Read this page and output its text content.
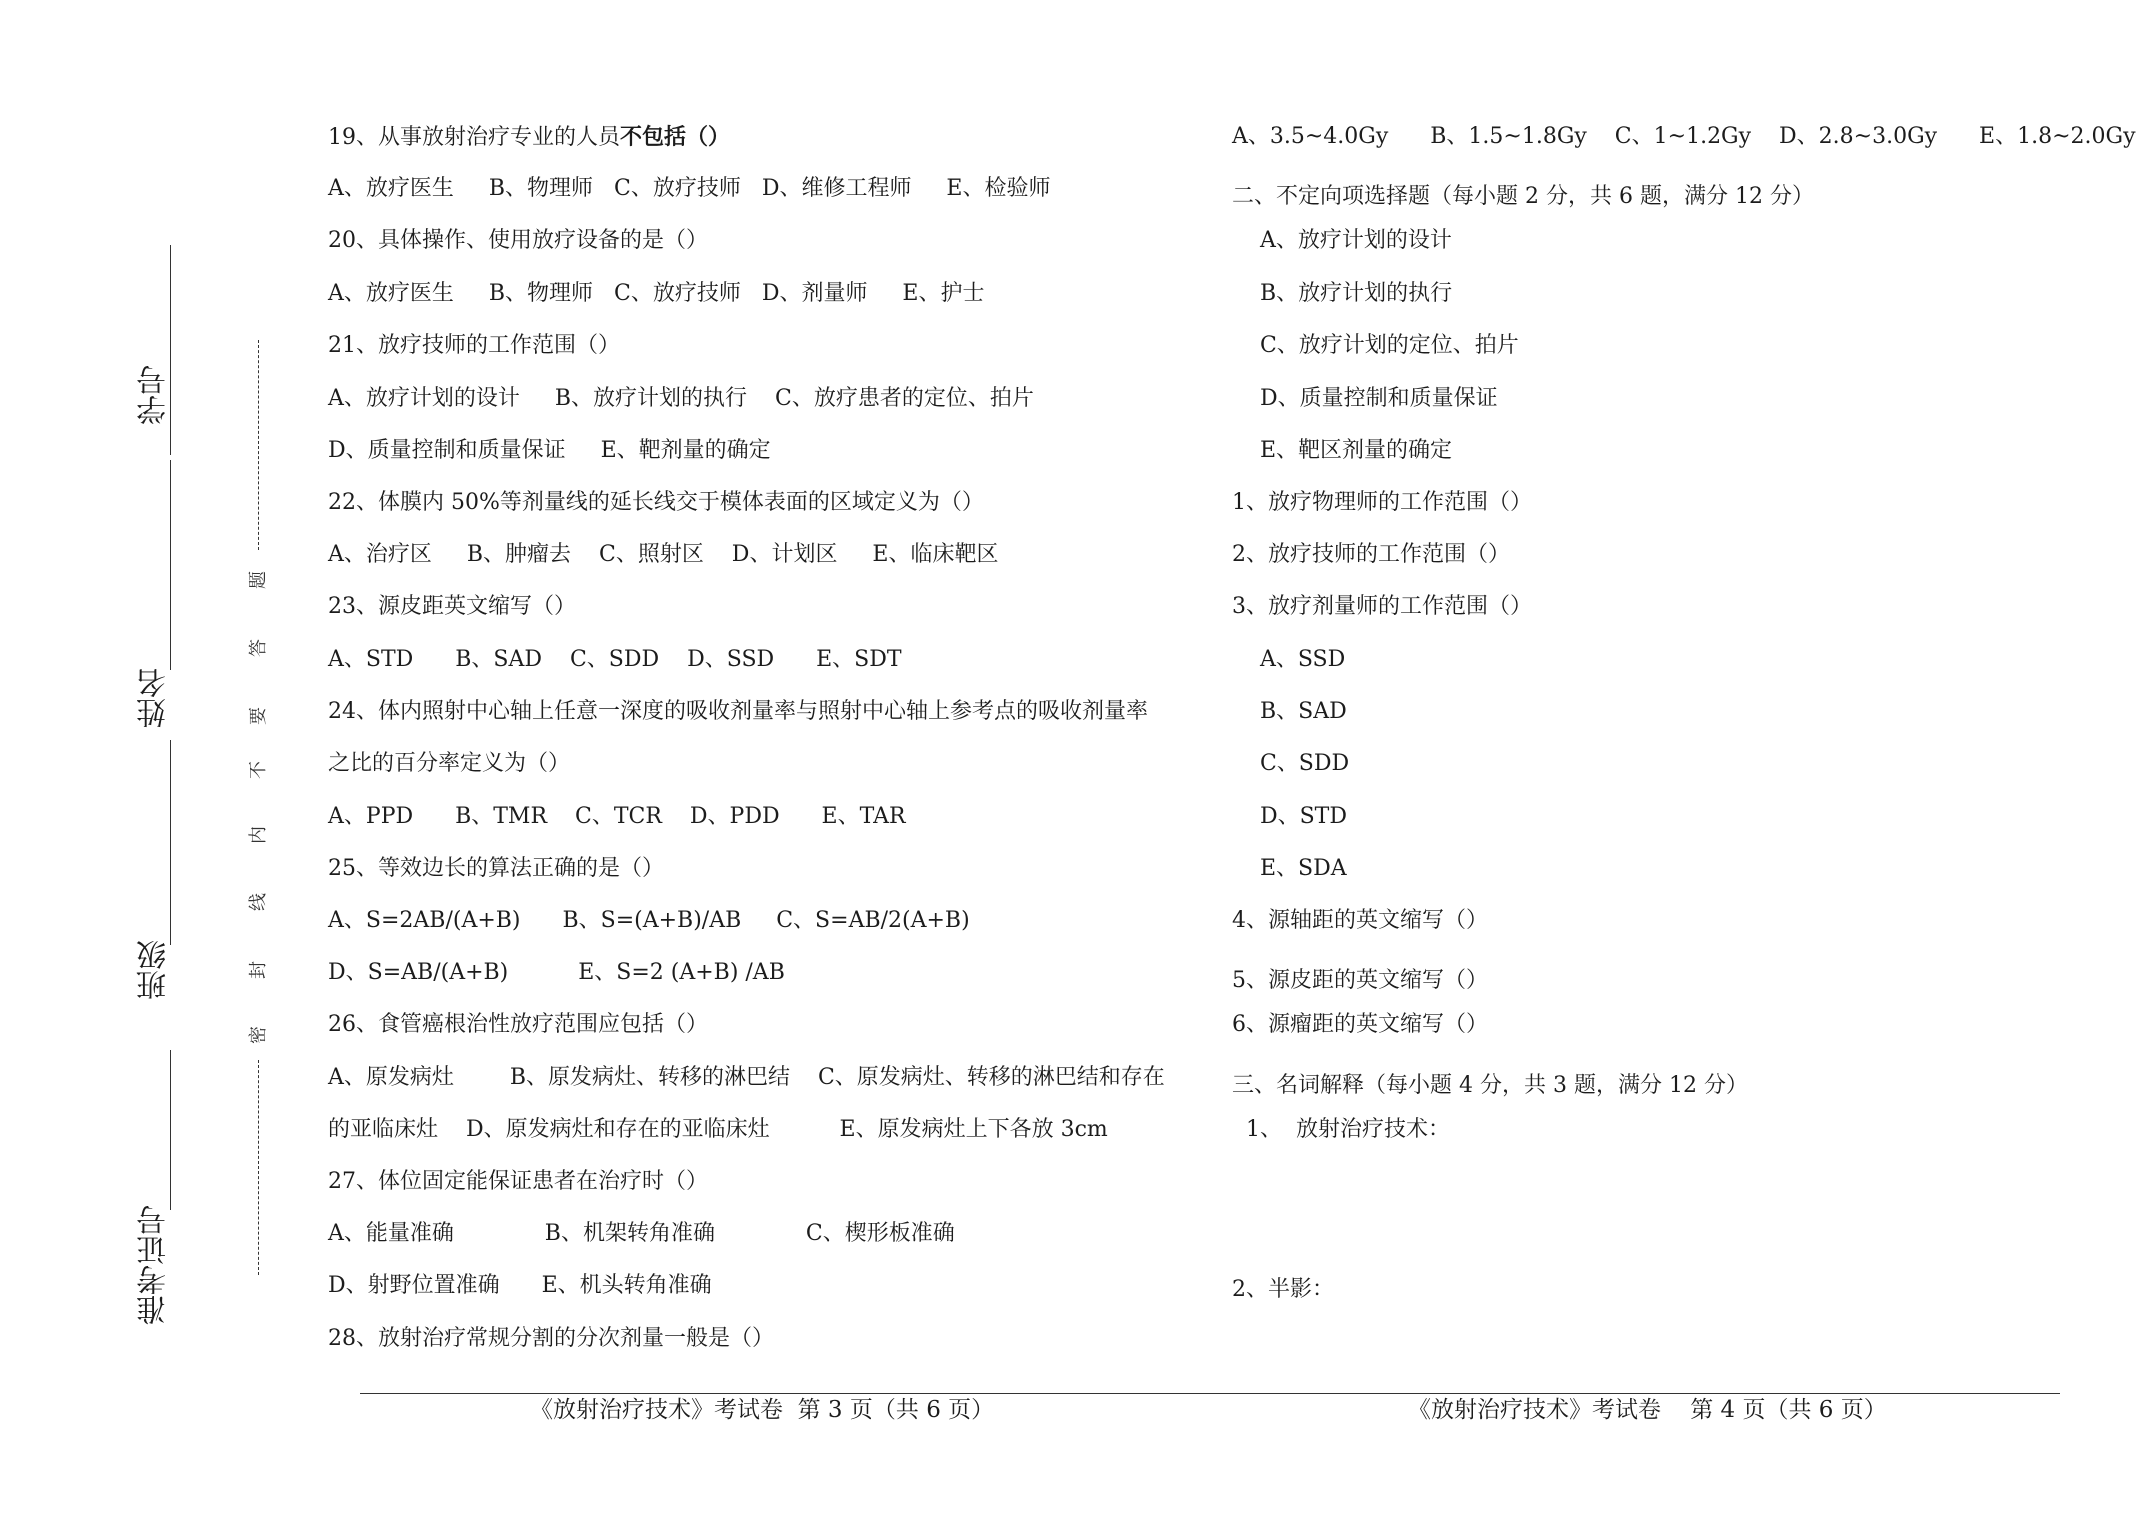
学号
姓名
班级
准考证号
题
答
要
不
内
线
封
密
19、从事放射治疗专业的人员不包括（）
A、放疗医生     B、物理师   C、放疗技师   D、维修工程师     E、检验师
20、具体操作、使用放疗设备的是（）
A、放疗医生     B、物理师   C、放疗技师   D、剂量师     E、护士
21、放疗技师的工作范围（）
A、放疗计划的设计     B、放疗计划的执行    C、放疗患者的定位、拍片
D、质量控制和质量保证     E、靶剂量的确定
22、体膜内 50%等剂量线的延长线交于模体表面的区域定义为（）
A、治疗区     B、肿瘤去    C、照射区    D、计划区     E、临床靶区
23、源皮距英文缩写（）
A、STD      B、SAD    C、SDD    D、SSD      E、SDT
24、体内照射中心轴上任意一深度的吸收剂量率与照射中心轴上参考点的吸收剂量率
之比的百分率定义为（）
A、PPD      B、TMR    C、TCR    D、PDD      E、TAR
25、等效边长的算法正确的是（）
A、S=2AB/(A+B)      B、S=(A+B)/AB     C、S=AB/2(A+B)
D、S=AB/(A+B)          E、S=2 (A+B) /AB
26、食管癌根治性放疗范围应包括（）
A、原发病灶        B、原发病灶、转移的淋巴结    C、原发病灶、转移的淋巴结和存在
的亚临床灶    D、原发病灶和存在的亚临床灶          E、原发病灶上下各放 3cm
27、体位固定能保证患者在治疗时（）
A、能量准确             B、机架转角准确             C、楔形板准确
D、射野位置准确      E、机头转角准确
28、放射治疗常规分割的分次剂量一般是（）
A、3.5~4.0Gy      B、1.5~1.8Gy    C、1~1.2Gy    D、2.8~3.0Gy      E、1.8~2.0Gy
二、不定向项选择题（每小题 2 分，共 6 题，满分 12 分）
A、放疗计划的设计
B、放疗计划的执行
C、放疗计划的定位、拍片
D、质量控制和质量保证
E、靶区剂量的确定
1、放疗物理师的工作范围（）
2、放疗技师的工作范围（）
3、放疗剂量师的工作范围（）
A、SSD
B、SAD
C、SDD
D、STD
E、SDA
4、源轴距的英文缩写（）
5、源皮距的英文缩写（）
6、源瘤距的英文缩写（）
三、名词解释（每小题 4 分，共 3 题，满分 12 分）
1、  放射治疗技术：
2、半影：
《放射治疗技术》考试卷  第 3 页（共 6 页）	《放射治疗技术》考试卷    第 4 页（共 6 页）
